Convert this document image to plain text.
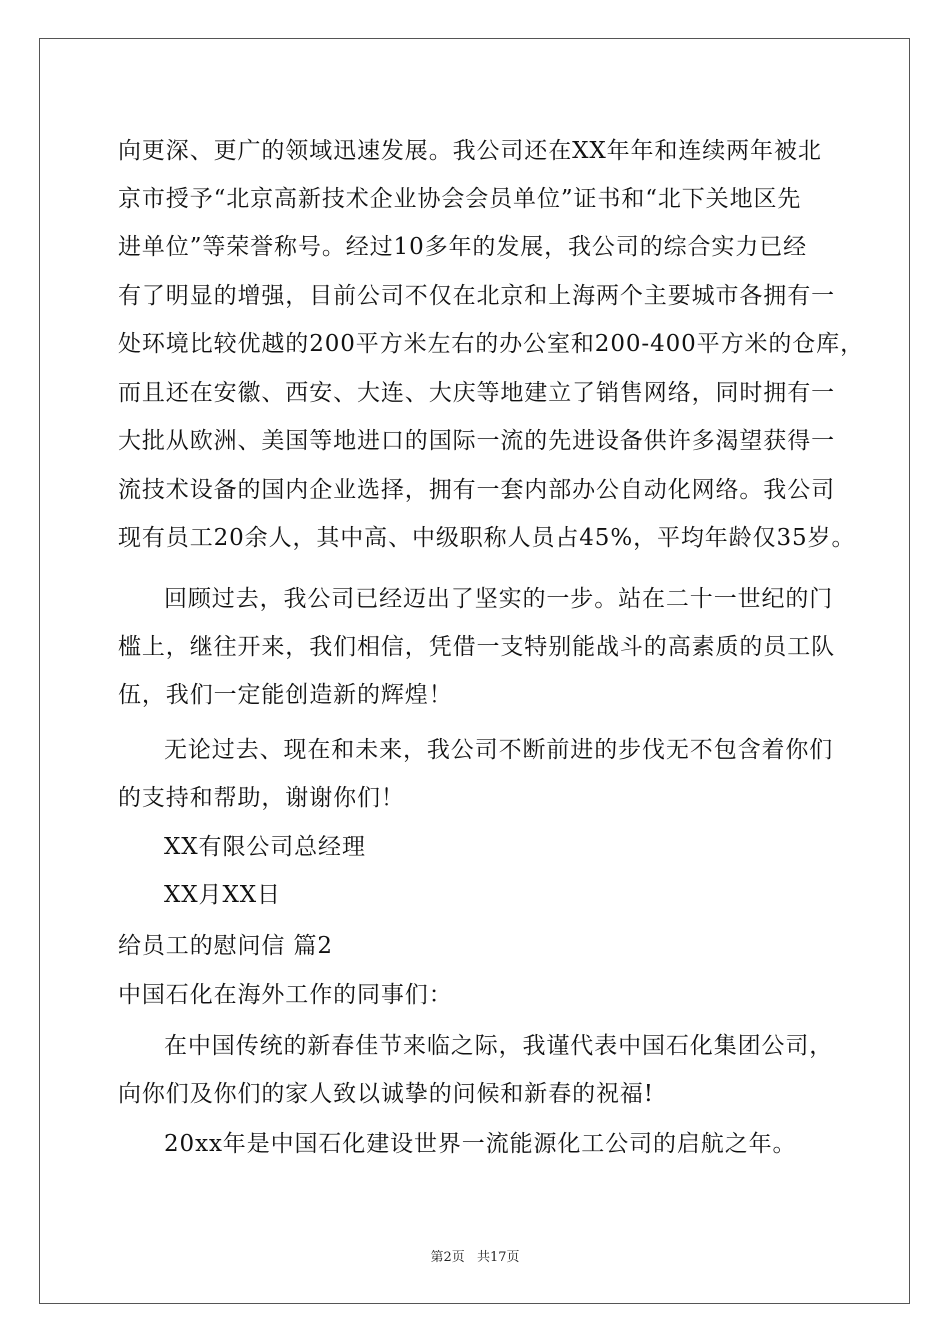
向更深、更广的领域迅速发展。我公司还在XX年年和连续两年被北
京市授予“北京高新技术企业协会会员单位”证书和“北下关地区先
进单位”等荣誉称号。经过10多年的发展，我公司的综合实力已经
有了明显的增强，目前公司不仅在北京和上海两个主要城市各拥有一
处环境比较优越的200平方米左右的办公室和200-400平方米的仓库，
而且还在安徽、西安、大连、大庆等地建立了销售网络，同时拥有一
大批从欧洲、美国等地进口的国际一流的先进设备供许多渴望获得一
流技术设备的国内企业选择，拥有一套内部办公自动化网络。我公司
现有员工20余人，其中高、中级职称人员占45%，平均年龄仅35岁。
回顾过去，我公司已经迈出了坚实的一步。站在二十一世纪的门
槛上，继往开来，我们相信，凭借一支特别能战斗的高素质的员工队
伍，我们一定能创造新的辉煌！
无论过去、现在和未来，我公司不断前进的步伐无不包含着你们
的支持和帮助，谢谢你们！
XX有限公司总经理
XX月XX日
给员工的慰问信 篇2
中国石化在海外工作的同事们：
在中国传统的新春佳节来临之际，我谨代表中国石化集团公司，
向你们及你们的家人致以诚挚的问候和新春的祝福!
20xx年是中国石化建设世界一流能源化工公司的启航之年。
第2页 共17页
